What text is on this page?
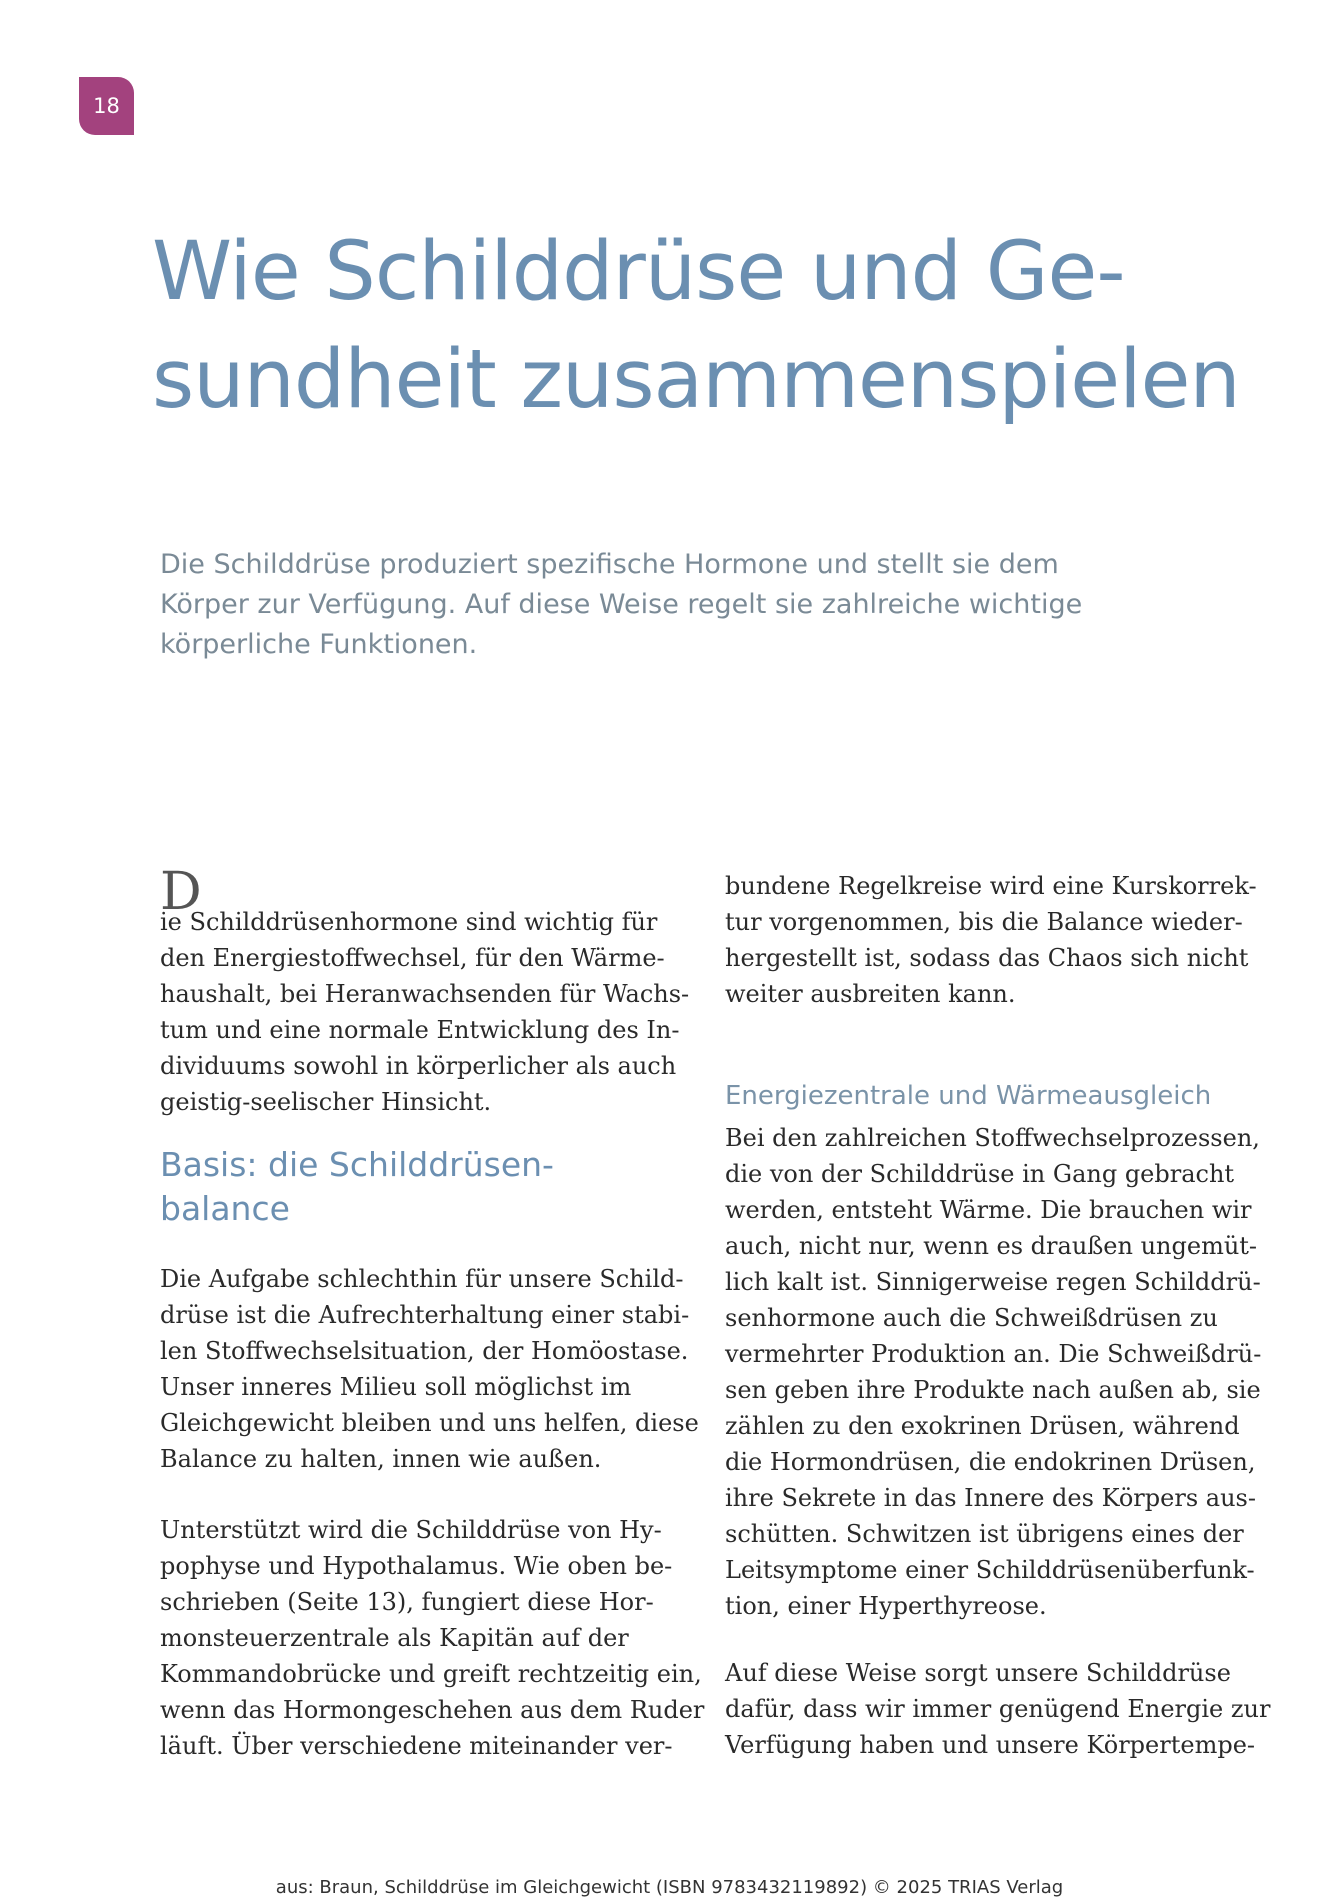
18
Wie Schilddrüse und Ge-
sundheit zusammenspielen

Die Schilddrüse produziert spezifische Hormone und stellt sie dem
Körper zur Verfügung. Auf diese Weise regelt sie zahlreiche wichtige
körperliche Funktionen.

D
ie Schilddrüsenhormone sind wichtig für
den Energiestoffwechsel, für den Wärme-
haushalt, bei Heranwachsenden für Wachs-
tum und eine normale Entwicklung des In-
dividuums sowohl in körperlicher als auch
geistig-seelischer Hinsicht.

Basis: die Schilddrüsen-
balance

Die Aufgabe schlechthin für unsere Schild-
drüse ist die Aufrechterhaltung einer stabi-
len Stoffwechselsituation, der Homöostase.
Unser inneres Milieu soll möglichst im
Gleichgewicht bleiben und uns helfen, diese
Balance zu halten, innen wie außen.

Unterstützt wird die Schilddrüse von Hy-
pophyse und Hypothalamus. Wie oben be-
schrieben (Seite 13), fungiert diese Hor-
monsteuerzentrale als Kapitän auf der
Kommandobrücke und greift rechtzeitig ein,
wenn das Hormongeschehen aus dem Ruder
läuft. Über verschiedene miteinander ver-

bundene Regelkreise wird eine Kurskorrek-
tur vorgenommen, bis die Balance wieder-
hergestellt ist, sodass das Chaos sich nicht
weiter ausbreiten kann.

Energiezentrale und Wärmeausgleich

Bei den zahlreichen Stoffwechselprozessen,
die von der Schilddrüse in Gang gebracht
werden, entsteht Wärme. Die brauchen wir
auch, nicht nur, wenn es draußen ungemüt-
lich kalt ist. Sinnigerweise regen Schilddrü-
senhormone auch die Schweißdrüsen zu
vermehrter Produktion an. Die Schweißdrü-
sen geben ihre Produkte nach außen ab, sie
zählen zu den exokrinen Drüsen, während
die Hormondrüsen, die endokrinen Drüsen,
ihre Sekrete in das Innere des Körpers aus-
schütten. Schwitzen ist übrigens eines der
Leitsymptome einer Schilddrüsenüberfunk-
tion, einer Hyperthyreose.

Auf diese Weise sorgt unsere Schilddrüse
dafür, dass wir immer genügend Energie zur
Verfügung haben und unsere Körpertempe-

aus: Braun, Schilddrüse im Gleichgewicht (ISBN 9783432119892) © 2025 TRIAS Verlag
